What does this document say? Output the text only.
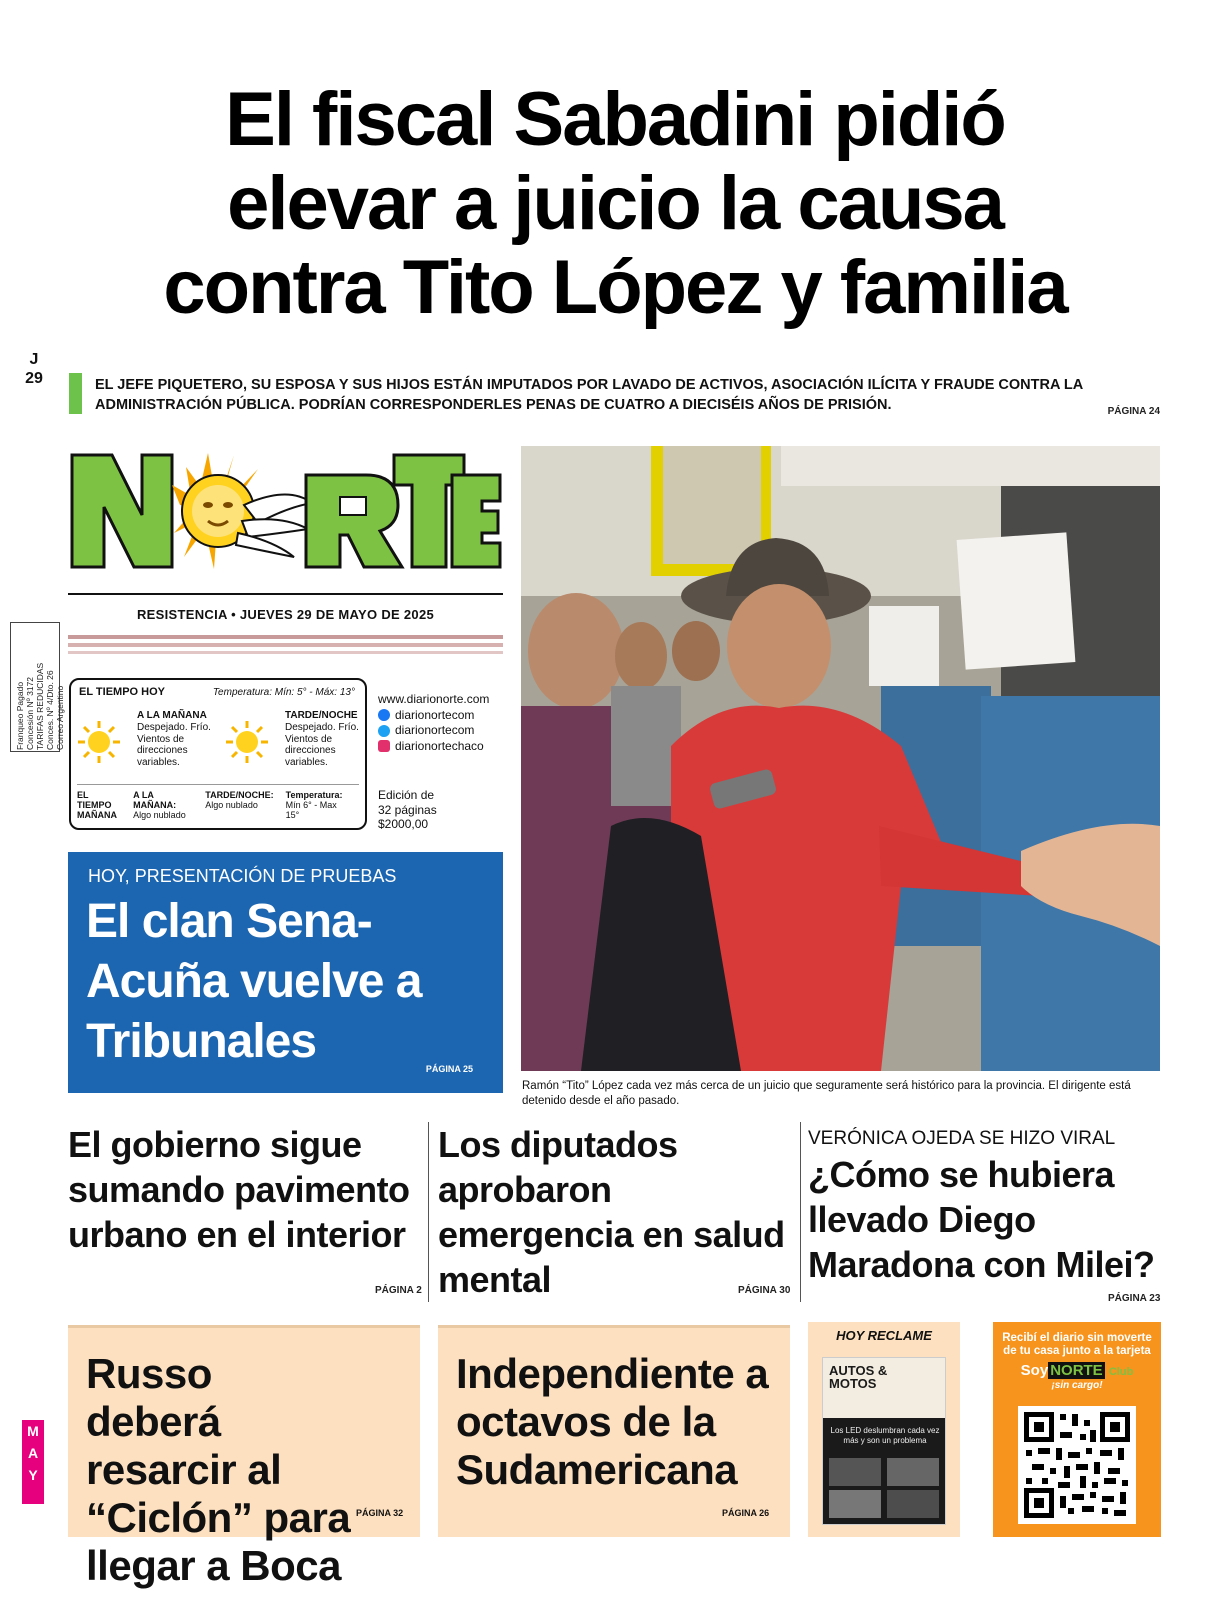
El fiscal Sabadini pidió
elevar a juicio la causa
contra Tito López y familia
J
29	EL JEFE PIQUETERO, SU ESPOSA Y SUS HIJOS ESTÁN IMPUTADOS POR LAVADO DE ACTIVOS, ASOCIACIÓN ILÍCITA Y FRAUDE CONTRA LA ADMINISTRACIÓN PÚBLICA. PODRÍAN CORRESPONDERLES PENAS DE CUATRO A DIECISÉIS AÑOS DE PRISIÓN.	PÁGINA 24
RESISTENCIA • JUEVES 29 DE MAYO DE 2025
Franqueo Pagado Concesión Nº 3172 TARIFAS REDUCIDAS Conces. Nº 4/Dto. 26 Correo Argentino EL TIEMPO HOY	Temperatura: Mín: 5° - Máx: 13°
A LA MAÑANA
Despejado. Frío. Vientos de direcciones variables.
TARDE/NOCHE
Despejado. Frío. Vientos de direcciones variables.
EL TIEMPO
MAÑANA
A LA MAÑANA:
Algo nublado
TARDE/NOCHE:
Algo nublado
Temperatura:
Mín 6° - Max 15°
www.diarionorte.com
diarionortecom
diarionortecom
diarionortechaco
Edición de
32 páginas
$2000,00
HOY, PRESENTACIÓN DE PRUEBAS
El clan Sena-Acuña vuelve a Tribunales
PÁGINA 25
Ramón “Tito” López cada vez más cerca de un juicio que seguramente será histórico para la provincia. El dirigente está detenido desde el año pasado.
El gobierno sigue sumando pavimento urbano en el interior
PÁGINA 2
Los diputados aprobaron emergencia en salud mental	PÁGINA 30
VERÓNICA OJEDA SE HIZO VIRAL
¿Cómo se hubiera llevado Diego Maradona con Milei?
PÁGINA 23
Russo deberá resarcir al “Ciclón” para llegar a Boca
PÁGINA 32
Independiente a octavos de la Sudamericana
PÁGINA 26
HOY RECLAME
AUTOS & MOTOS
Los LED deslumbran cada vez más y son un problema
Recibí el diario sin moverte
de tu casa junto a la tarjeta
Soy NORTE Club
¡sin cargo!
M
A
Y
